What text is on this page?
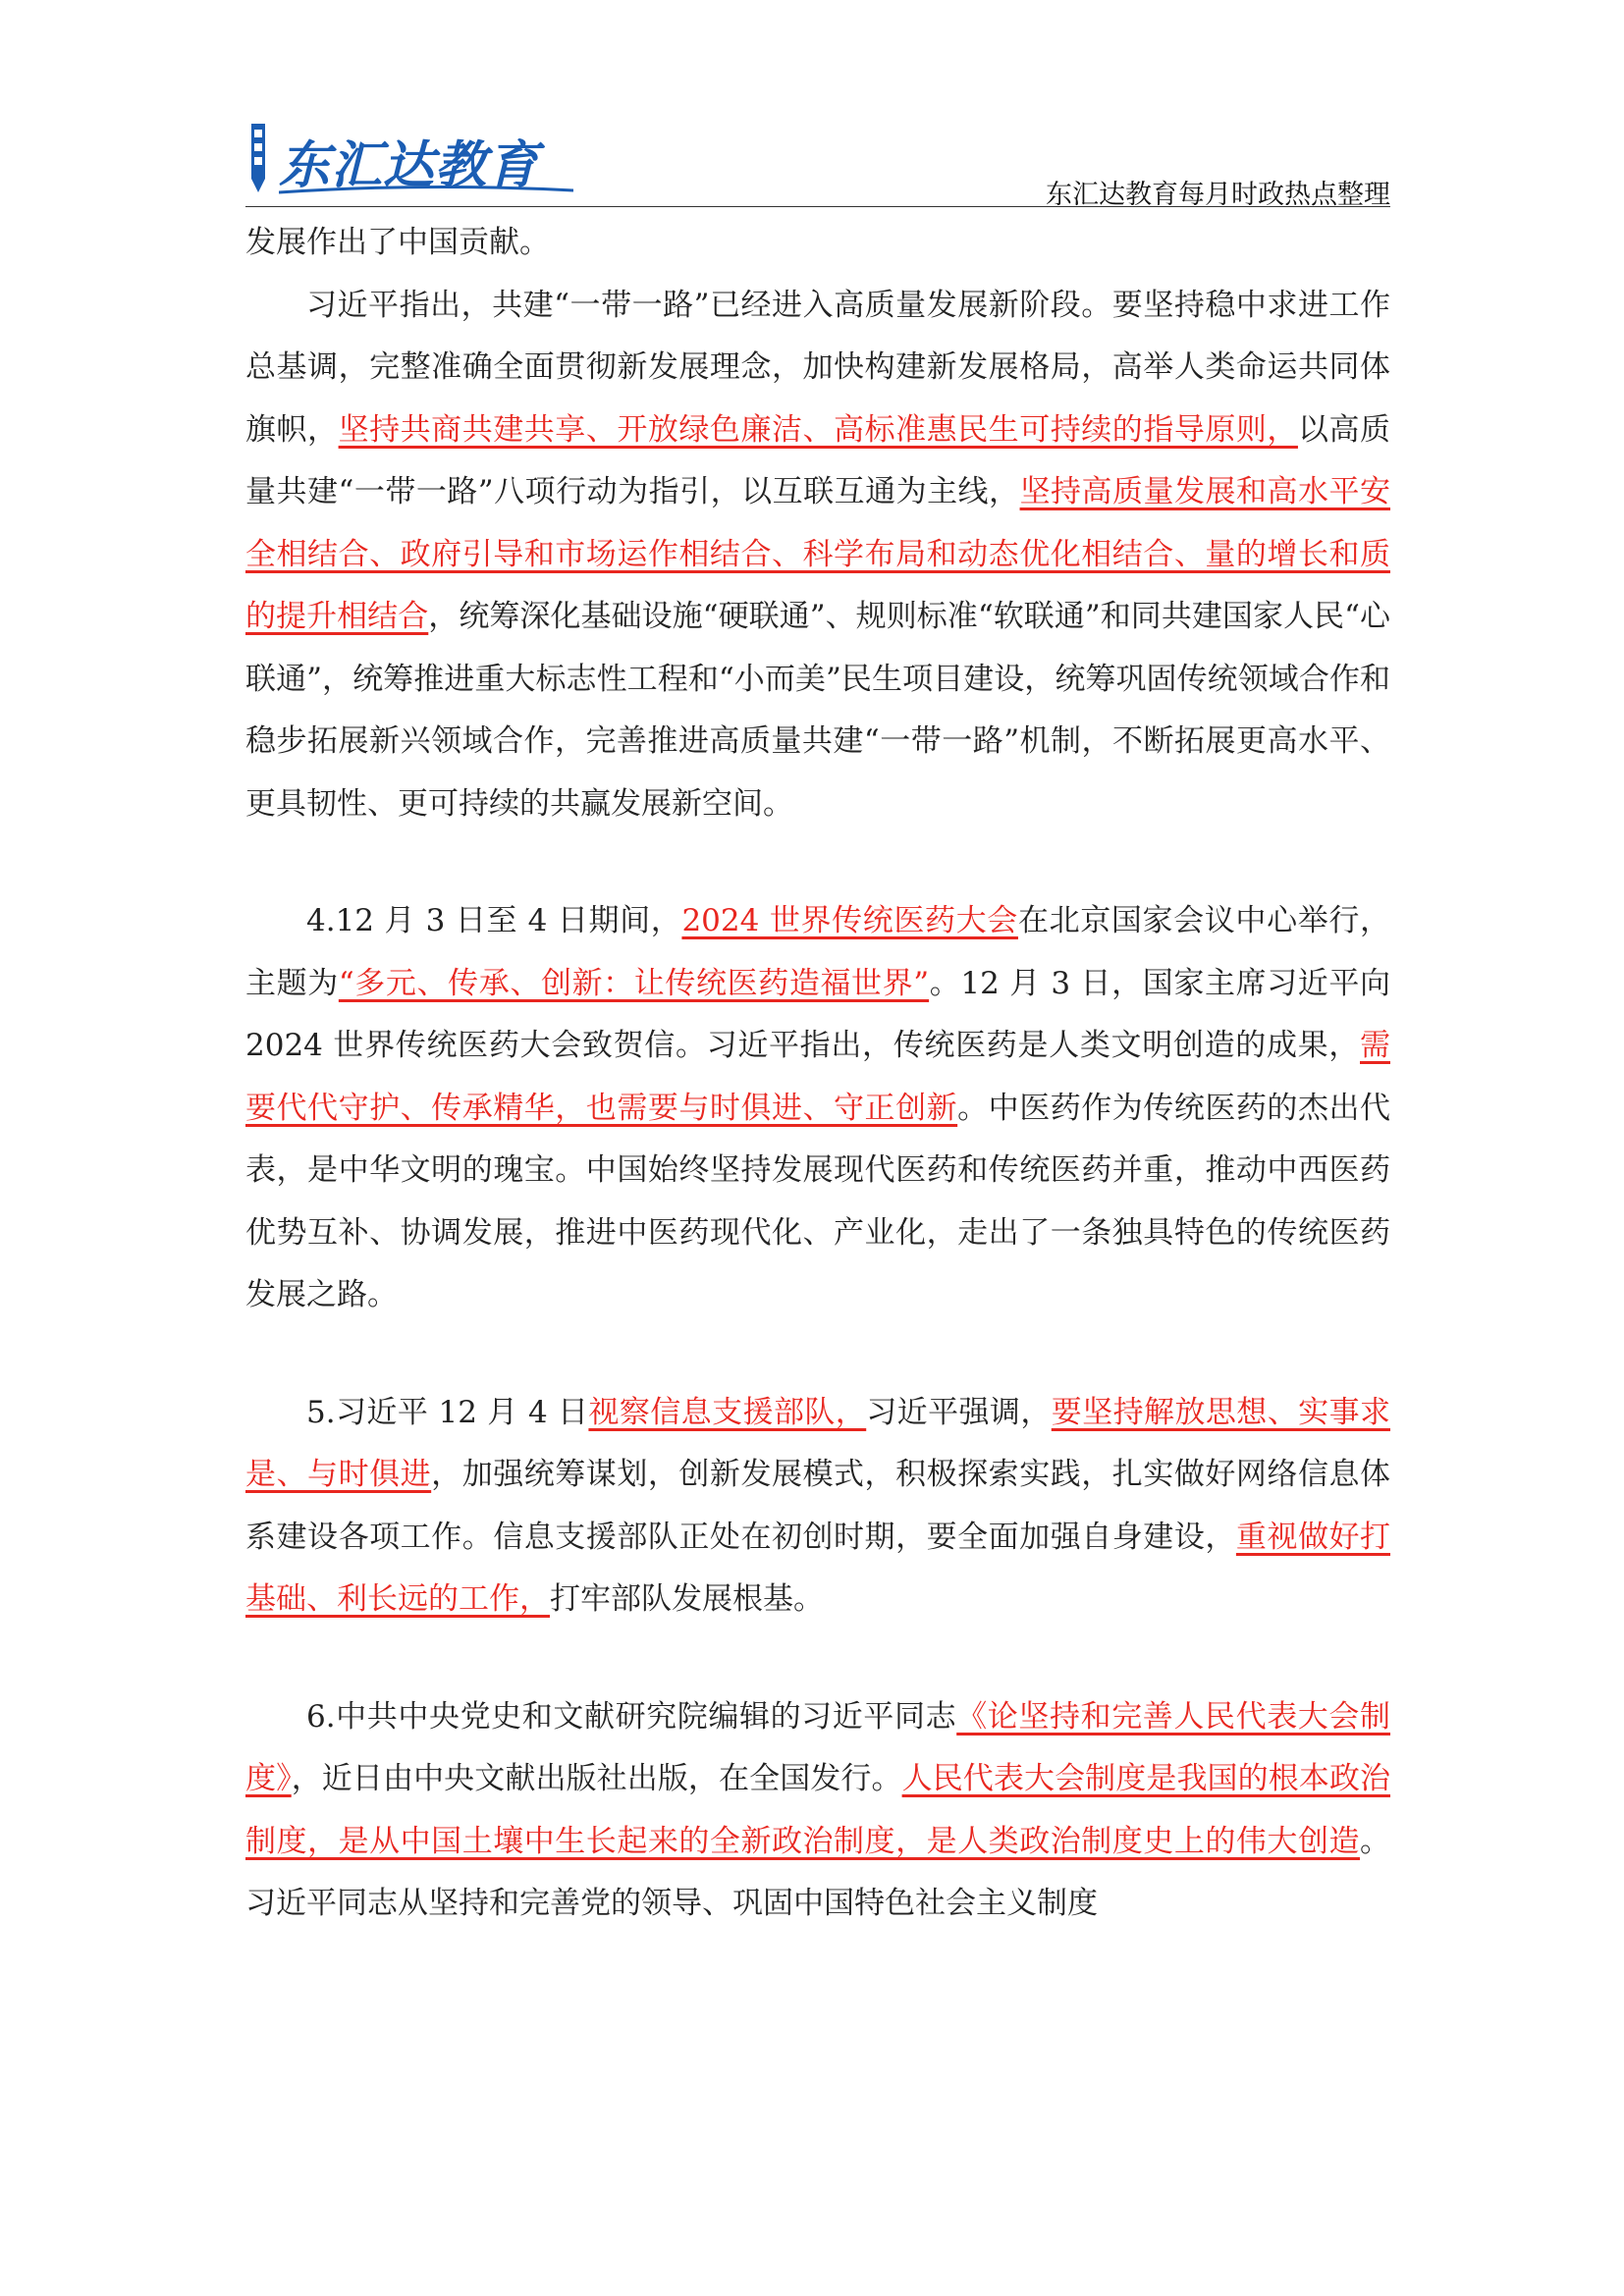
东汇达教育	东汇达教育每月时政热点整理

发展作出了中国贡献。

习近平指出，共建“一带一路”已经进入高质量发展新阶段。要坚持稳中求进工作总基调，完整准确全面贯彻新发展理念，加快构建新发展格局，高举人类命运共同体旗帜，坚持共商共建共享、开放绿色廉洁、高标准惠民生可持续的指导原则，以高质量共建“一带一路”八项行动为指引，以互联互通为主线，坚持高质量发展和高水平安全相结合、政府引导和市场运作相结合、科学布局和动态优化相结合、量的增长和质的提升相结合，统筹深化基础设施“硬联通”、规则标准“软联通”和同共建国家人民“心联通”，统筹推进重大标志性工程和“小而美”民生项目建设，统筹巩固传统领域合作和稳步拓展新兴领域合作，完善推进高质量共建“一带一路”机制，不断拓展更高水平、更具韧性、更可持续的共赢发展新空间。

4.12 月 3 日至 4 日期间，2024 世界传统医药大会在北京国家会议中心举行，主题为“多元、传承、创新：让传统医药造福世界”。12 月 3 日，国家主席习近平向 2024 世界传统医药大会致贺信。习近平指出，传统医药是人类文明创造的成果，需要代代守护、传承精华，也需要与时俱进、守正创新。中医药作为传统医药的杰出代表，是中华文明的瑰宝。中国始终坚持发展现代医药和传统医药并重，推动中西医药优势互补、协调发展，推进中医药现代化、产业化，走出了一条独具特色的传统医药发展之路。

5.习近平 12 月 4 日视察信息支援部队，习近平强调，要坚持解放思想、实事求是、与时俱进，加强统筹谋划，创新发展模式，积极探索实践，扎实做好网络信息体系建设各项工作。信息支援部队正处在初创时期，要全面加强自身建设，重视做好打基础、利长远的工作，打牢部队发展根基。

6.中共中央党史和文献研究院编辑的习近平同志《论坚持和完善人民代表大会制度》，近日由中央文献出版社出版，在全国发行。人民代表大会制度是我国的根本政治制度，是从中国土壤中生长起来的全新政治制度，是人类政治制度史上的伟大创造。习近平同志从坚持和完善党的领导、巩固中国特色社会主义制度
